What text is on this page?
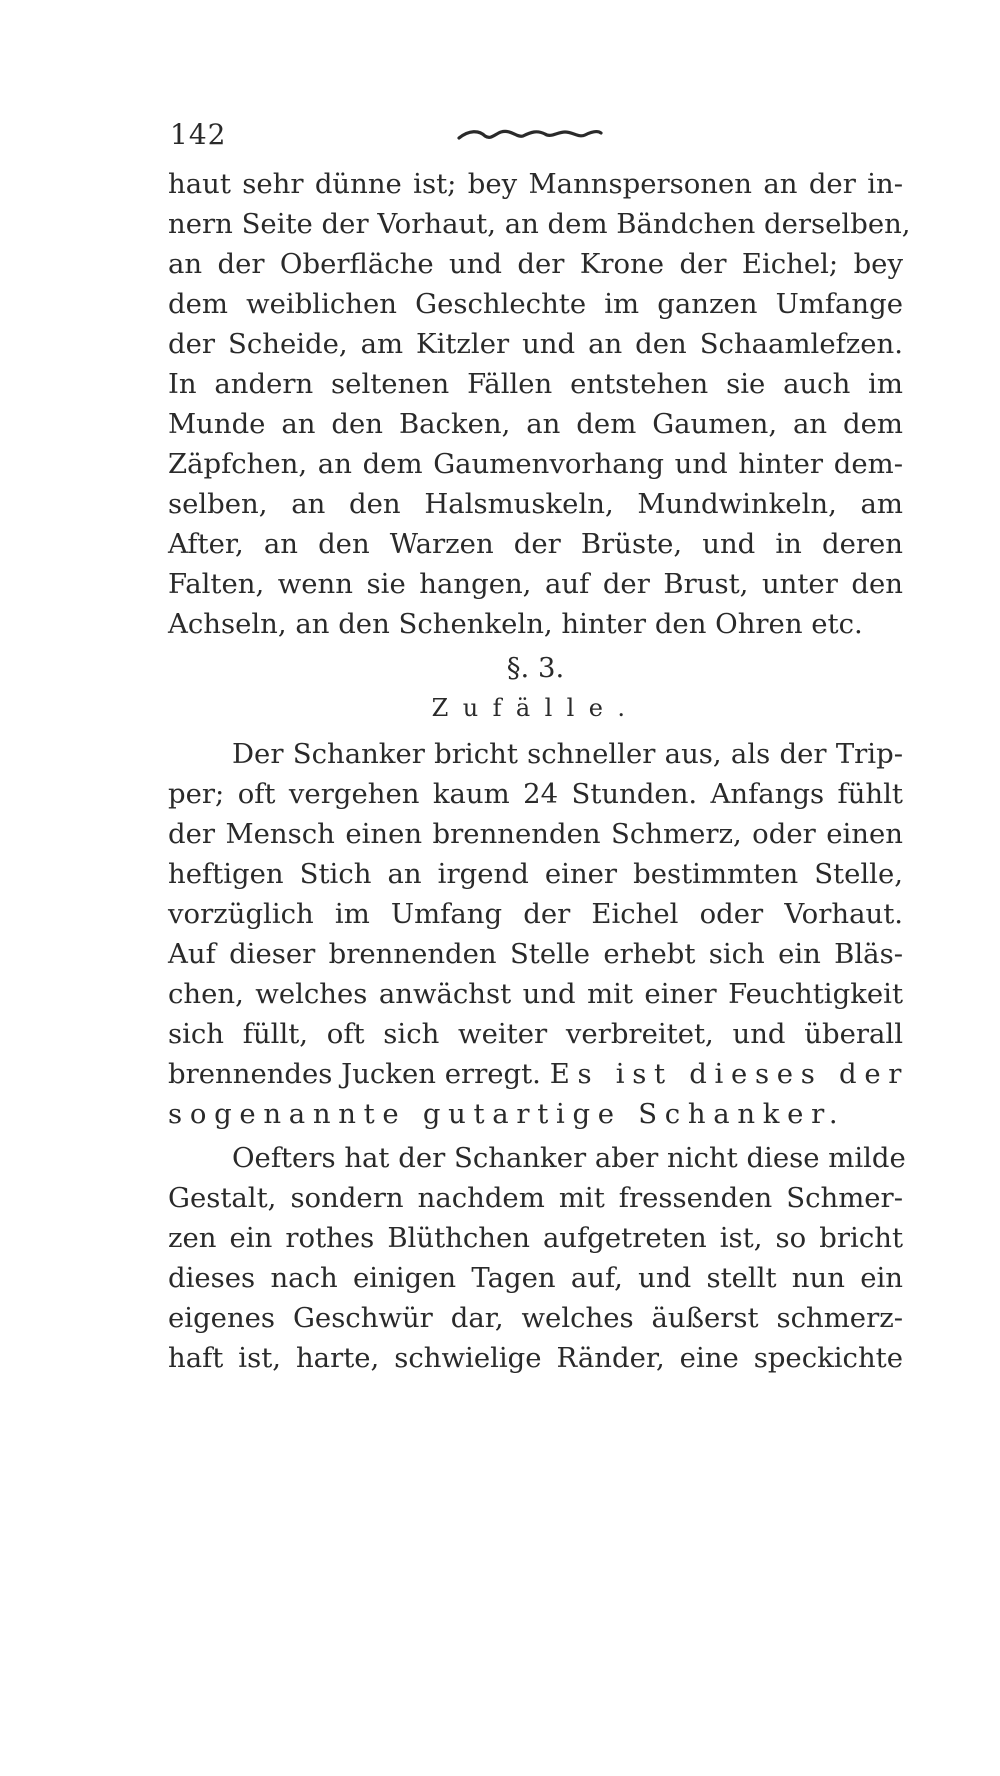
142
haut sehr dünne ist; bey Mannspersonen an der in-
nern Seite der Vorhaut, an dem Bändchen derselben,
an der Oberfläche und der Krone der Eichel; bey
dem weiblichen Geschlechte im ganzen Umfange
der Scheide, am Kitzler und an den Schaamlefzen.
In andern seltenen Fällen entstehen sie auch im
Munde an den Backen, an dem Gaumen, an dem
Zäpfchen, an dem Gaumenvorhang und hinter dem-
selben, an den Halsmuskeln, Mundwinkeln, am
After, an den Warzen der Brüste, und in deren
Falten, wenn sie hangen, auf der Brust, unter den
Achseln, an den Schenkeln, hinter den Ohren etc.
§. 3.
Zufälle.
Der Schanker bricht schneller aus, als der Trip-
per; oft vergehen kaum 24 Stunden. Anfangs fühlt
der Mensch einen brennenden Schmerz, oder einen
heftigen Stich an irgend einer bestimmten Stelle,
vorzüglich im Umfang der Eichel oder Vorhaut.
Auf dieser brennenden Stelle erhebt sich ein Bläs-
chen, welches anwächst und mit einer Feuchtigkeit
sich füllt, oft sich weiter verbreitet, und überall
brennendes Jucken erregt. Es ist dieses der
sogenannte gutartige Schanker.
Oefters hat der Schanker aber nicht diese milde
Gestalt, sondern nachdem mit fressenden Schmer-
zen ein rothes Blüthchen aufgetreten ist, so bricht
dieses nach einigen Tagen auf, und stellt nun ein
eigenes Geschwür dar, welches äußerst schmerz-
haft ist, harte, schwielige Ränder, eine speckichte
